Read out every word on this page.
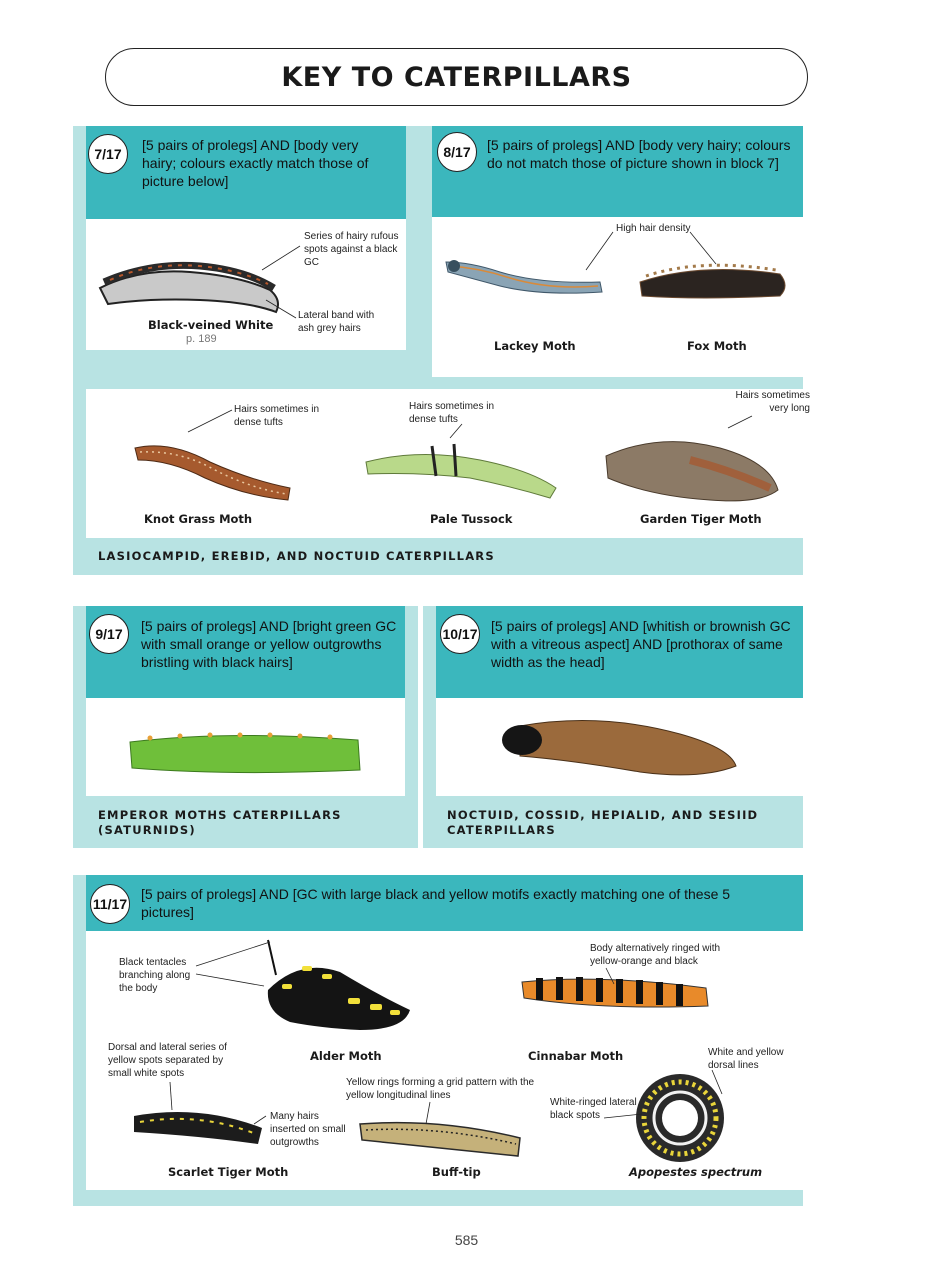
KEY TO CATERPILLARS
7/17
[5 pairs of prolegs] AND [body very hairy; colours exactly match those of picture below]
8/17	[5 pairs of prolegs] AND [body very hairy; colours do not match those of picture shown in block 7]
LASIOCAMPID, EREBID, AND NOCTUID CATERPILLARS
9/17	[5 pairs of prolegs] AND [bright green GC with small orange or yellow outgrowths bristling with black hairs]
EMPEROR MOTHS CATERPILLARS (SATURNIDS)
10/17 [5 pairs of prolegs] AND [whitish or brownish GC with a vitreous aspect] AND [prothorax of same width as the head]
NOCTUID, COSSID, HEPIALID, AND SESIID CATERPILLARS
11/17
[5 pairs of prolegs] AND [GC with large black and yellow motifs exactly matching one of these 5 pictures]
Series of hairy rufous spots against a black GC
Lateral band with ash grey hairs
Black-veined White
p. 189
High hair density
Lackey Moth	Fox Moth
Hairs sometimes in dense tufts
Hairs sometimes in dense tufts
Hairs sometimes very long
Knot Grass Moth	Pale Tussock	Garden Tiger Moth
Black tentacles branching along the body
Body alternatively ringed with yellow-orange and black
Alder Moth	Cinnabar Moth
Dorsal and lateral series of yellow spots separated by small white spots
Yellow rings forming a grid pattern with the yellow longitudinal lines
White and yellow dorsal lines
White-ringed lateral black spots
Many hairs inserted on small outgrowths
Scarlet Tiger Moth	Buff-tip	Apopestes spectrum
585
